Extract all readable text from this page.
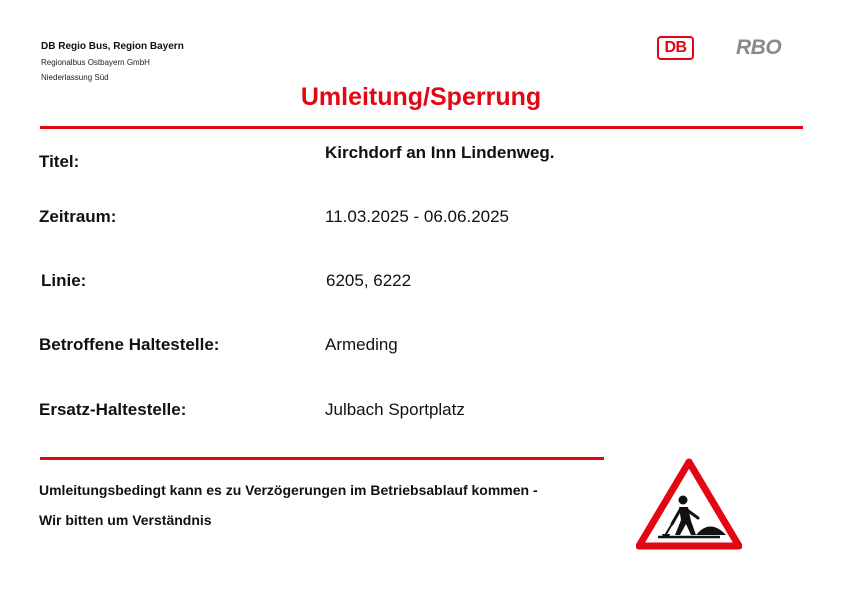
DB Regio Bus, Region Bayern
Regionalbus Ostbayern GmbH
Niederlassung Süd
DB	RBO
Umleitung/Sperrung
Titel:	Kirchdorf an Inn Lindenweg.
Zeitraum:	11.03.2025 - 06.06.2025
Linie:	6205, 6222
Betroffene Haltestelle:	Armeding
Ersatz-Haltestelle:	Julbach Sportplatz
Umleitungsbedingt kann es zu Verzögerungen im Betriebsablauf kommen -
Wir bitten um Verständnis
